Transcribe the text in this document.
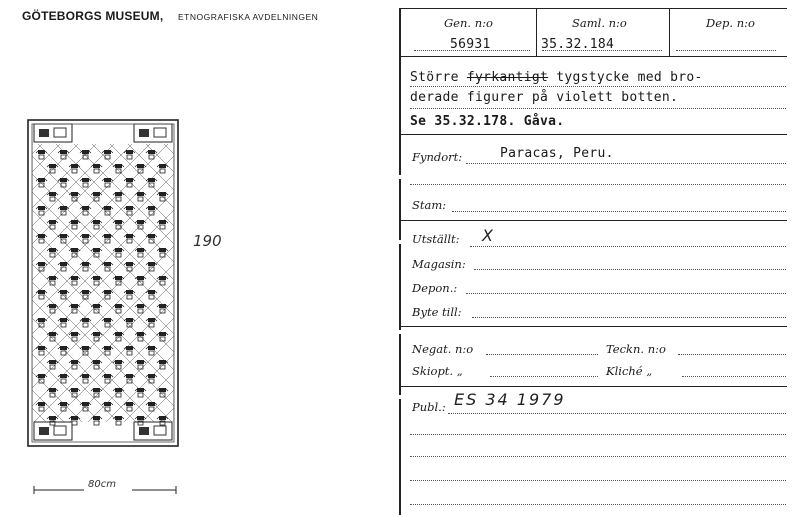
GÖTEBORGS MUSEUM, ETNOGRAFISKA AVDELNINGEN
190
80cm
Gen. n:o	Saml. n:o	Dep. n:o
56931	35.32.184
Större fyrkantigt tygstycke med bro-
derade figurer på violett botten.
Se 35.32.178. Gåva.
Fyndort:	Paracas, Peru.
Stam:
Utställt: X
Magasin:
Depon.:
Byte till:
Negat. n:o	Teckn. n:o
Skiopt. „	Kliché „
Publ.: ES 34 1979
